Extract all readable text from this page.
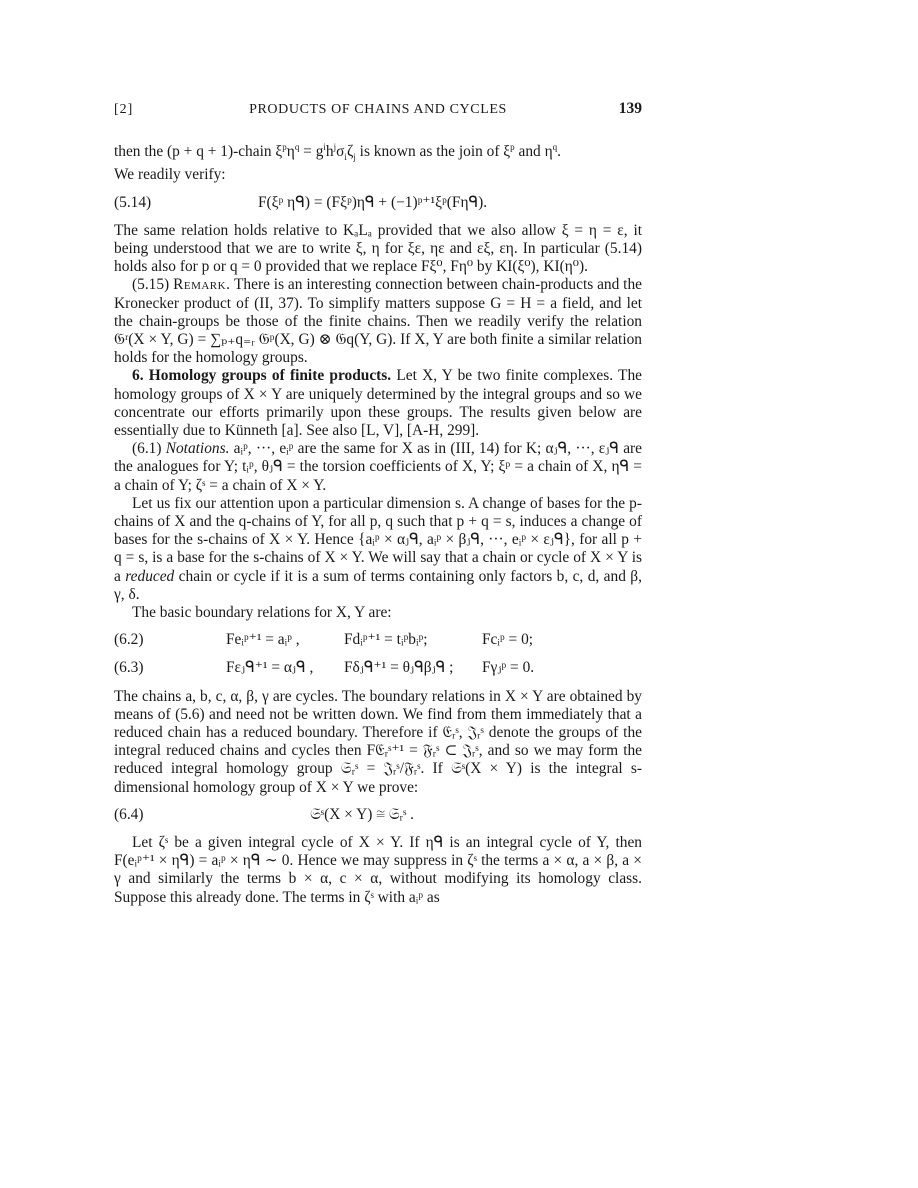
[2]	PRODUCTS OF CHAINS AND CYCLES	139

then the (p + q + 1)-chain $\xi^p\eta^q = g^ih^j\sigma_i\zeta_j$ is known as the join of $\xi^p$ and $\eta^q$.
We readily verify:

(5.14)	F(ξᵖ ηᑫ) = (Fξᵖ)ηᑫ + (−1)ᵖ⁺¹ξᵖ(Fηᑫ).

The same relation holds relative to KₐLₐ provided that we also allow ξ = η = ε, it being understood that we are to write ξ, η for ξε, ηε and εξ, εη. In particular (5.14) holds also for p or q = 0 provided that we replace Fξ⁰, Fη⁰ by KI(ξ⁰), KI(η⁰).

(5.15) Remark. There is an interesting connection between chain-products and the Kronecker product of (II, 37). To simplify matters suppose G = H = a field, and let the chain-groups be those of the finite chains. Then we readily verify the relation 𝔊ʳ(X × Y, G) = ∑ₚ₊q₌ᵣ 𝔊ᵖ(X, G) ⊗ 𝔊q(Y, G). If X, Y are both finite a similar relation holds for the homology groups.

6. Homology groups of finite products. Let X, Y be two finite complexes. The homology groups of X × Y are uniquely determined by the integral groups and so we concentrate our efforts primarily upon these groups. The results given below are essentially due to Künneth [a]. See also [L, V], [A-H, 299].

(6.1) Notations. aᵢᵖ, ···, eᵢᵖ are the same for X as in (III, 14) for K; αⱼᑫ, ···, εⱼᑫ are the analogues for Y; tᵢᵖ, θⱼᑫ = the torsion coefficients of X, Y; ξᵖ = a chain of X, ηᑫ = a chain of Y; ζˢ = a chain of X × Y.

Let us fix our attention upon a particular dimension s. A change of bases for the p-chains of X and the q-chains of Y, for all p, q such that p + q = s, induces a change of bases for the s-chains of X × Y. Hence {aᵢᵖ × αⱼᑫ, aᵢᵖ × βⱼᑫ, ···, eᵢᵖ × εⱼᑫ}, for all p + q = s, is a base for the s-chains of X × Y. We will say that a chain or cycle of X × Y is a reduced chain or cycle if it is a sum of terms containing only factors b, c, d, and β, γ, δ.

The basic boundary relations for X, Y are:

(6.2)	Feᵢᵖ⁺¹ = aᵢᵖ ,	Fdᵢᵖ⁺¹ = tᵢᵖbᵢᵖ;	Fcᵢᵖ = 0;
(6.3)	Fεⱼᑫ⁺¹ = αⱼᑫ , Fδⱼᑫ⁺¹ = θⱼᑫβⱼᑫ ; Fγⱼᵖ = 0.

The chains a, b, c, α, β, γ are cycles. The boundary relations in X × Y are obtained by means of (5.6) and need not be written down. We find from them immediately that a reduced chain has a reduced boundary. Therefore if 𝔈ᵣˢ, 𝔍ᵣˢ denote the groups of the integral reduced chains and cycles then F𝔈ᵣˢ⁺¹ = 𝔉ᵣˢ ⊂ 𝔍ᵣˢ, and so we may form the reduced integral homology group 𝔖ᵣˢ = 𝔍ᵣˢ/𝔉ᵣˢ. If 𝔖ˢ(X × Y) is the integral s-dimensional homology group of X × Y we prove:

(6.4)	𝔖ˢ(X × Y) ≅ 𝔖ᵣˢ .

Let ζˢ be a given integral cycle of X × Y. If ηᑫ is an integral cycle of Y, then F(eᵢᵖ⁺¹ × ηᑫ) = aᵢᵖ × ηᑫ ∼ 0. Hence we may suppress in ζˢ the terms a × α, a × β, a × γ and similarly the terms b × α, c × α, without modifying its homology class. Suppose this already done. The terms in ζˢ with aᵢᵖ as
